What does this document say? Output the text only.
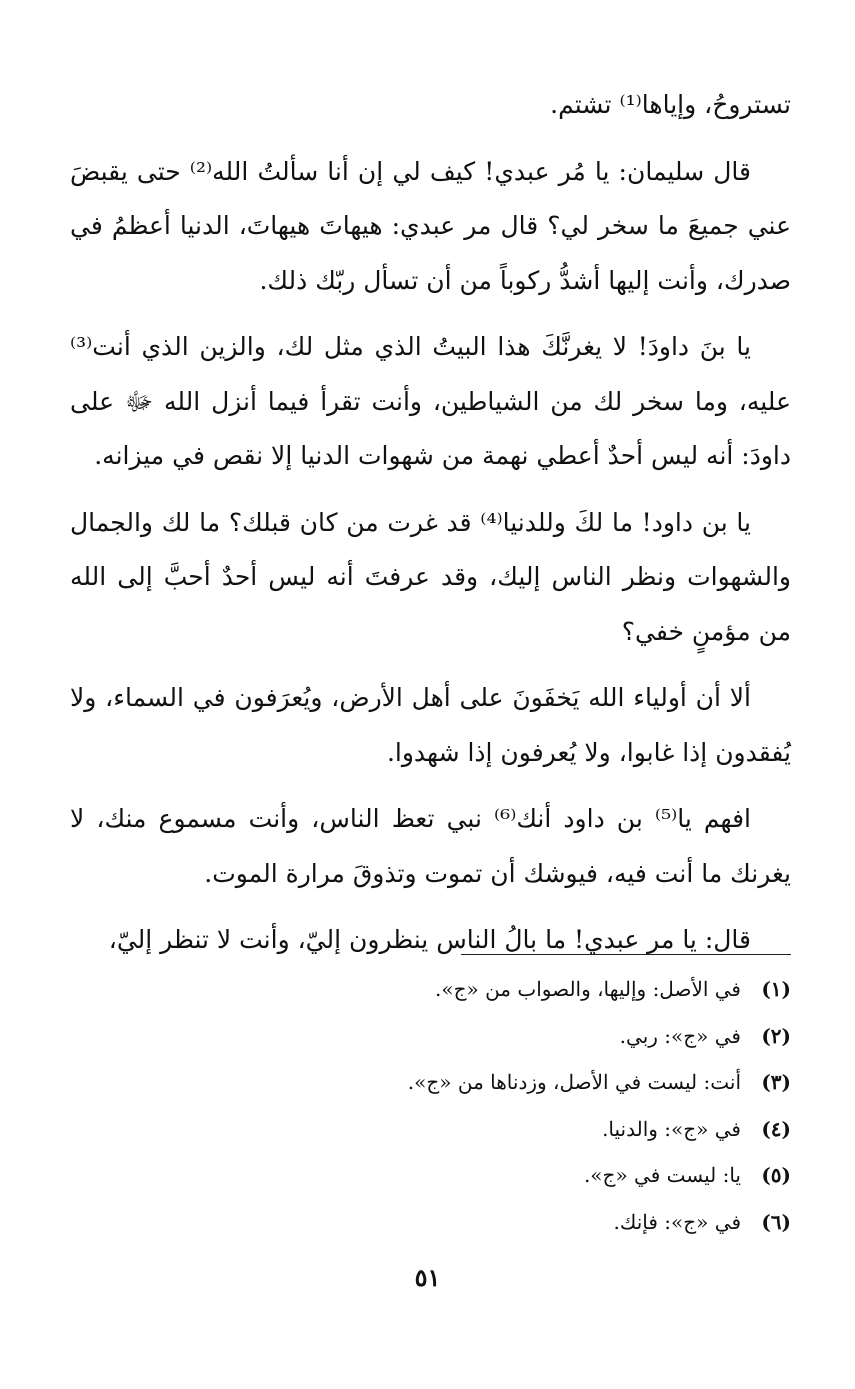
تستروحُ، وإياها⁽¹⁾ تشتم.

قال سليمان: يا مُر عبدي! كيف لي إن أنا سألتُ الله⁽²⁾ حتى يقبضَ عني جميعَ ما سخر لي؟ قال مر عبدي: هيهاتَ هيهاتَ، الدنيا أعظمُ في صدرك، وأنت إليها أشدُّ ركوباً من أن تسأل ربّك ذلك.

يا بنَ داودَ! لا يغرنَّكَ هذا البيتُ الذي مثل لك، والزين الذي أنت⁽³⁾ عليه، وما سخر لك من الشياطين، وأنت تقرأ فيما أنزل الله ﷻ على داودَ: أنه ليس أحدٌ أعطي نهمة من شهوات الدنيا إلا نقص في ميزانه.

يا بن داود! ما لكَ وللدنيا⁽⁴⁾ قد غرت من كان قبلك؟ ما لك والجمال والشهوات ونظر الناس إليك، وقد عرفتَ أنه ليس أحدٌ أحبَّ إلى الله من مؤمنٍ خفي؟

ألا أن أولياء الله يَخفَونَ على أهل الأرض، ويُعرَفون في السماء، ولا يُفقدون إذا غابوا، ولا يُعرفون إذا شهدوا.

افهم يا⁽⁵⁾ بن داود أنك⁽⁶⁾ نبي تعظ الناس، وأنت مسموع منك، لا يغرنك ما أنت فيه، فيوشك أن تموت وتذوقَ مرارة الموت.

قال: يا مر عبدي! ما بالُ الناس ينظرون إليّ، وأنت لا تنظر إليّ،

(١)
في الأصل: وإليها، والصواب من «ج».
(٢)
في «ج»: ربي.
(٣)
أنت: ليست في الأصل، وزدناها من «ج».
(٤)
في «ج»: والدنيا.
(٥)
يا: ليست في «ج».
(٦)
في «ج»: فإنك.
٥١
